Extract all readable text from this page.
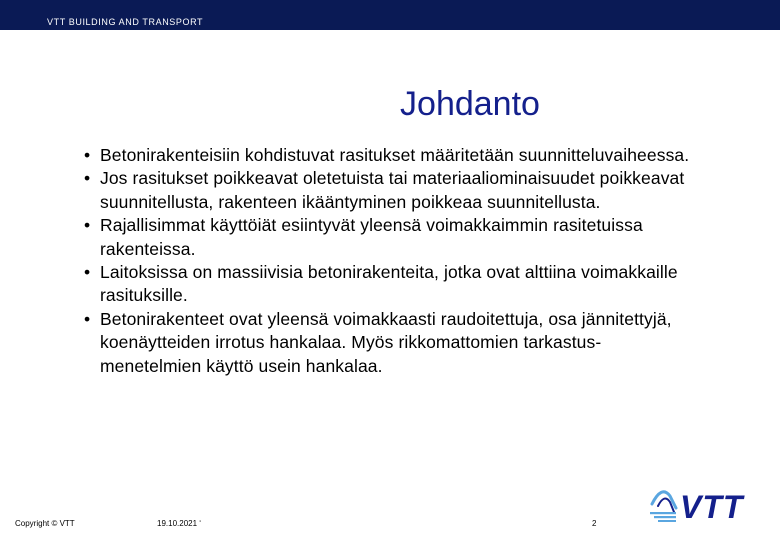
VTT BUILDING AND TRANSPORT
Johdanto
• Betonirakenteisiin kohdistuvat rasitukset määritetään suunnitteluvaiheessa.
• Jos rasitukset poikkeavat oletetuista tai materiaaliominaisuudet poikkeavat suunnitellusta, rakenteen ikääntyminen poikkeaa suunnitellusta.
• Rajallisimmat käyttöiät esiintyvät yleensä voimakkaimmin rasitetuissa rakenteissa.
• Laitoksissa on massiivisia betonirakenteita, jotka ovat alttiina voimakkaille rasituksille.
• Betonirakenteet ovat yleensä voimakkaasti raudoitettuja, osa jännitettyjä, koenäytteiden irrotus hankalaa. Myös rikkomattomien tarkastus-menetelmien käyttö usein hankalaa.
Copyright © VTT	19.10.2021 ‘	2	VTT
